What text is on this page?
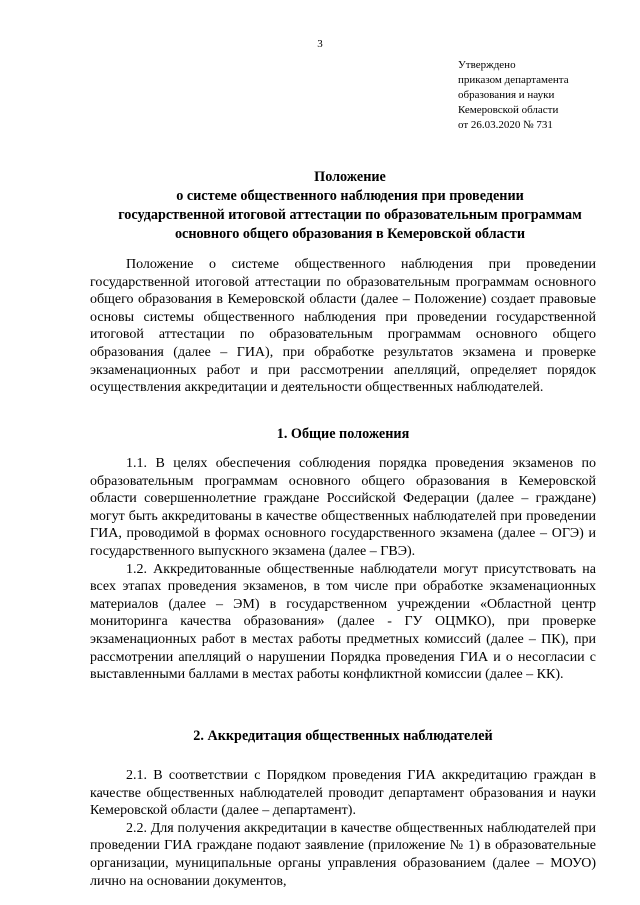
3
Утверждено
приказом департамента
образования и науки
Кемеровской области
от 26.03.2020 № 731
Положение
о системе общественного наблюдения при проведении
государственной итоговой аттестации по образовательным программам
основного общего образования в Кемеровской области

Положение о системе общественного наблюдения при проведении государственной итоговой аттестации по образовательным программам основного общего образования в Кемеровской области (далее – Положение) создает правовые основы системы общественного наблюдения при проведении государственной итоговой аттестации по образовательным программам основного общего образования (далее – ГИА), при обработке результатов экзамена и проверке экзаменационных работ и при рассмотрении апелляций, определяет порядок осуществления аккредитации и деятельности общественных наблюдателей.

1. Общие положения

1.1. В целях обеспечения соблюдения порядка проведения экзаменов по образовательным программам основного общего образования в Кемеровской области совершеннолетние граждане Российской Федерации (далее – граждане) могут быть аккредитованы в качестве общественных наблюдателей при проведении ГИА, проводимой в формах основного государственного экзамена (далее – ОГЭ) и государственного выпускного экзамена (далее – ГВЭ).

1.2. Аккредитованные общественные наблюдатели могут присутствовать на всех этапах проведения экзаменов, в том числе при обработке экзаменационных материалов (далее – ЭМ) в государственном учреждении «Областной центр мониторинга качества образования» (далее - ГУ ОЦМКО), при проверке экзаменационных работ в местах работы предметных комиссий (далее – ПК), при рассмотрении апелляций о нарушении Порядка проведения ГИА и о несогласии с выставленными баллами в местах работы конфликтной комиссии (далее – КК).

2. Аккредитация общественных наблюдателей

2.1. В соответствии с Порядком проведения ГИА аккредитацию граждан в качестве общественных наблюдателей проводит департамент образования и науки Кемеровской области (далее – департамент).

2.2. Для получения аккредитации в качестве общественных наблюдателей при проведении ГИА граждане подают заявление (приложение № 1) в образовательные организации, муниципальные органы управления образованием (далее – МОУО) лично на основании документов,
